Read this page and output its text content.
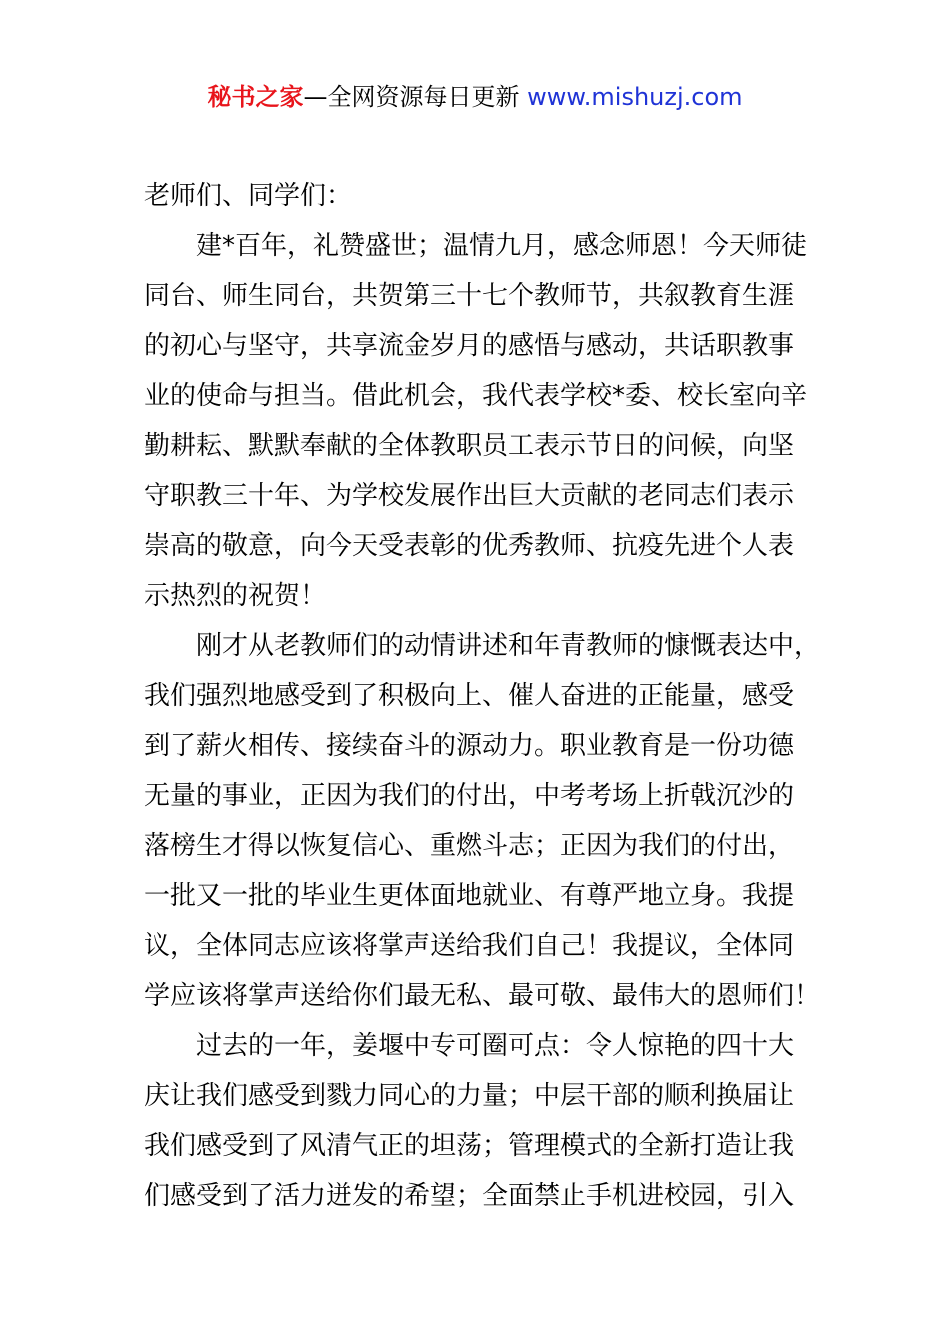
秘书之家—全网资源每日更新 www.mishuzj.com
老师们、同学们：
建*百年，礼赞盛世；温情九月，感念师恩！今天师徒
同台、师生同台，共贺第三十七个教师节，共叙教育生涯
的初心与坚守，共享流金岁月的感悟与感动，共话职教事
业的使命与担当。借此机会，我代表学校*委、校长室向辛
勤耕耘、默默奉献的全体教职员工表示节日的问候，向坚
守职教三十年、为学校发展作出巨大贡献的老同志们表示
崇高的敬意，向今天受表彰的优秀教师、抗疫先进个人表
示热烈的祝贺！
刚才从老教师们的动情讲述和年青教师的慷慨表达中，
我们强烈地感受到了积极向上、催人奋进的正能量，感受
到了薪火相传、接续奋斗的源动力。职业教育是一份功德
无量的事业，正因为我们的付出，中考考场上折戟沉沙的
落榜生才得以恢复信心、重燃斗志；正因为我们的付出，
一批又一批的毕业生更体面地就业、有尊严地立身。我提
议，全体同志应该将掌声送给我们自己！我提议，全体同
学应该将掌声送给你们最无私、最可敬、最伟大的恩师们！
过去的一年，姜堰中专可圈可点：令人惊艳的四十大
庆让我们感受到戮力同心的力量；中层干部的顺利换届让
我们感受到了风清气正的坦荡；管理模式的全新打造让我
们感受到了活力迸发的希望；全面禁止手机进校园，引入
